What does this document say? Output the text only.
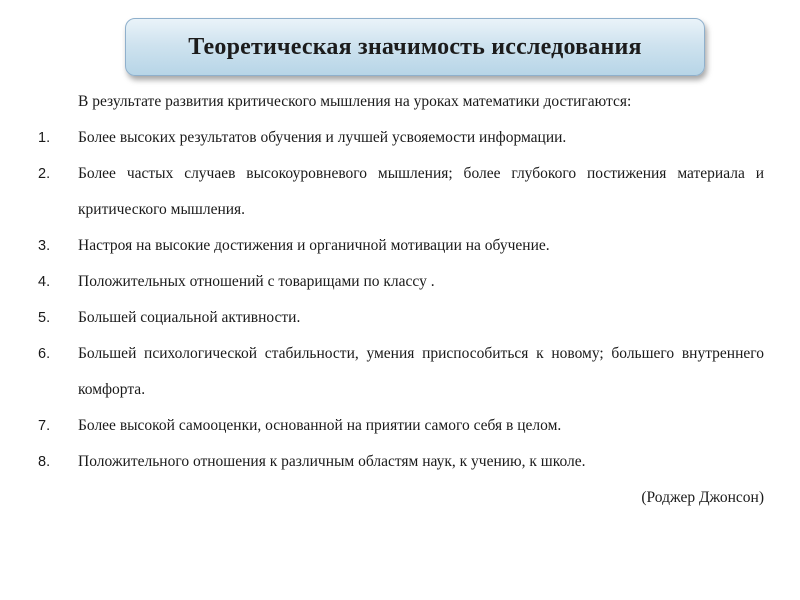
Теоретическая значимость исследования
В результате развития критического мышления на уроках математики достигаются:
1. Более высоких результатов обучения и лучшей усвояемости информации.
2. Более частых случаев высокоуровневого мышления; более глубокого постижения материала и критического мышления.
3. Настроя на высокие достижения и органичной мотивации на обучение.
4. Положительных отношений с товарищами по классу .
5. Большей социальной активности.
6. Большей психологической стабильности, умения приспособиться к новому; большего внутреннего комфорта.
7. Более высокой самооценки, основанной на приятии самого себя в целом.
8. Положительного отношения к различным областям наук, к учению, к школе.
(Роджер Джонсон)
